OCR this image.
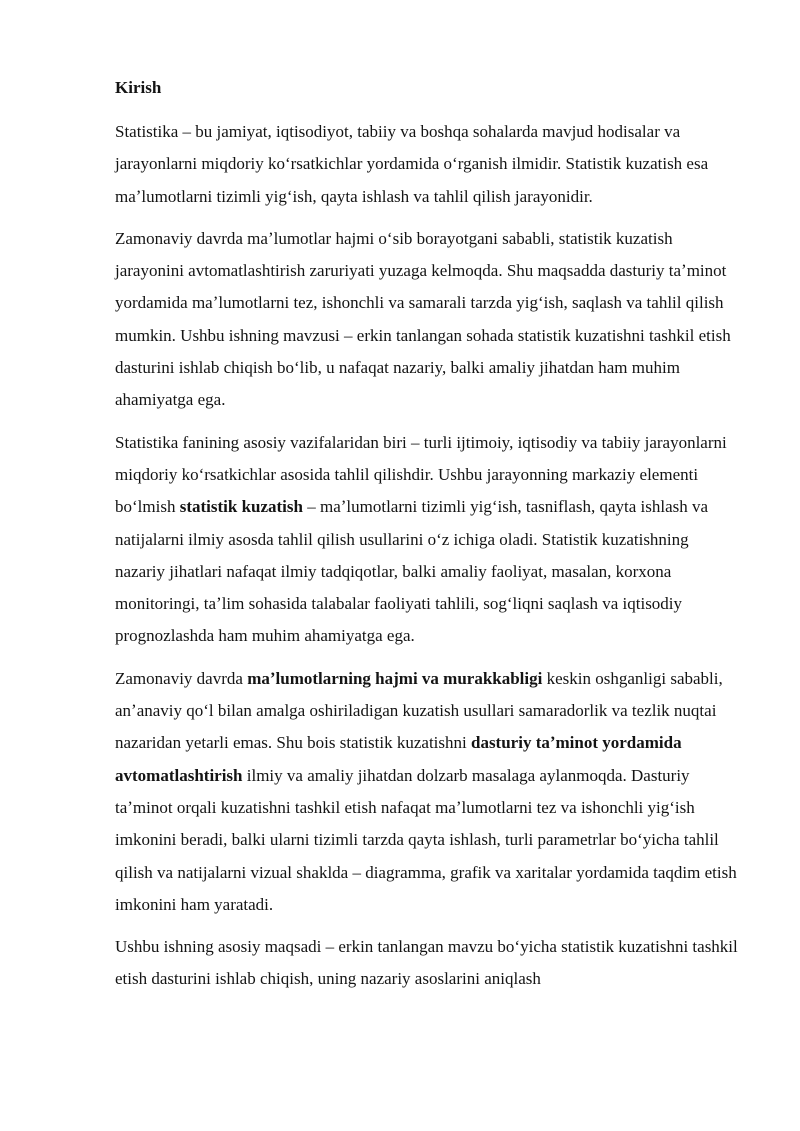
Kirish

Statistika – bu jamiyat, iqtisodiyot, tabiiy va boshqa sohalarda mavjud hodisalar va jarayonlarni miqdoriy koʻrsatkichlar yordamida oʻrganish ilmidir. Statistik kuzatish esa maʼlumotlarni tizimli yigʻish, qayta ishlash va tahlil qilish jarayonidir.

Zamonaviy davrda maʼlumotlar hajmi oʻsib borayotgani sababli, statistik kuzatish jarayonini avtomatlashtirish zaruriyati yuzaga kelmoqda. Shu maqsadda dasturiy taʼminot yordamida maʼlumotlarni tez, ishonchli va samarali tarzda yigʻish, saqlash va tahlil qilish mumkin. Ushbu ishning mavzusi – erkin tanlangan sohada statistik kuzatishni tashkil etish dasturini ishlab chiqish boʻlib, u nafaqat nazariy, balki amaliy jihatdan ham muhim ahamiyatga ega.

Statistika fanining asosiy vazifalaridan biri – turli ijtimoiy, iqtisodiy va tabiiy jarayonlarni miqdoriy koʻrsatkichlar asosida tahlil qilishdir. Ushbu jarayonning markaziy elementi boʻlmish statistik kuzatish – maʼlumotlarni tizimli yigʻish, tasniflash, qayta ishlash va natijalarni ilmiy asosda tahlil qilish usullarini oʻz ichiga oladi. Statistik kuzatishning nazariy jihatlari nafaqat ilmiy tadqiqotlar, balki amaliy faoliyat, masalan, korxona monitoringi, taʼlim sohasida talabalar faoliyati tahlili, sogʻliqni saqlash va iqtisodiy prognozlashda ham muhim ahamiyatga ega.

Zamonaviy davrda maʼlumotlarning hajmi va murakkabligi keskin oshganligi sababli, anʼanaviy qoʻl bilan amalga oshiriladigan kuzatish usullari samaradorlik va tezlik nuqtai nazaridan yetarli emas. Shu bois statistik kuzatishni dasturiy taʼminot yordamida avtomatlashtirish ilmiy va amaliy jihatdan dolzarb masalaga aylanmoqda. Dasturiy taʼminot orqali kuzatishni tashkil etish nafaqat maʼlumotlarni tez va ishonchli yigʻish imkonini beradi, balki ularni tizimli tarzda qayta ishlash, turli parametrlar boʻyicha tahlil qilish va natijalarni vizual shaklda – diagramma, grafik va xaritalar yordamida taqdim etish imkonini ham yaratadi.

Ushbu ishning asosiy maqsadi – erkin tanlangan mavzu boʻyicha statistik kuzatishni tashkil etish dasturini ishlab chiqish, uning nazariy asoslarini aniqlash
